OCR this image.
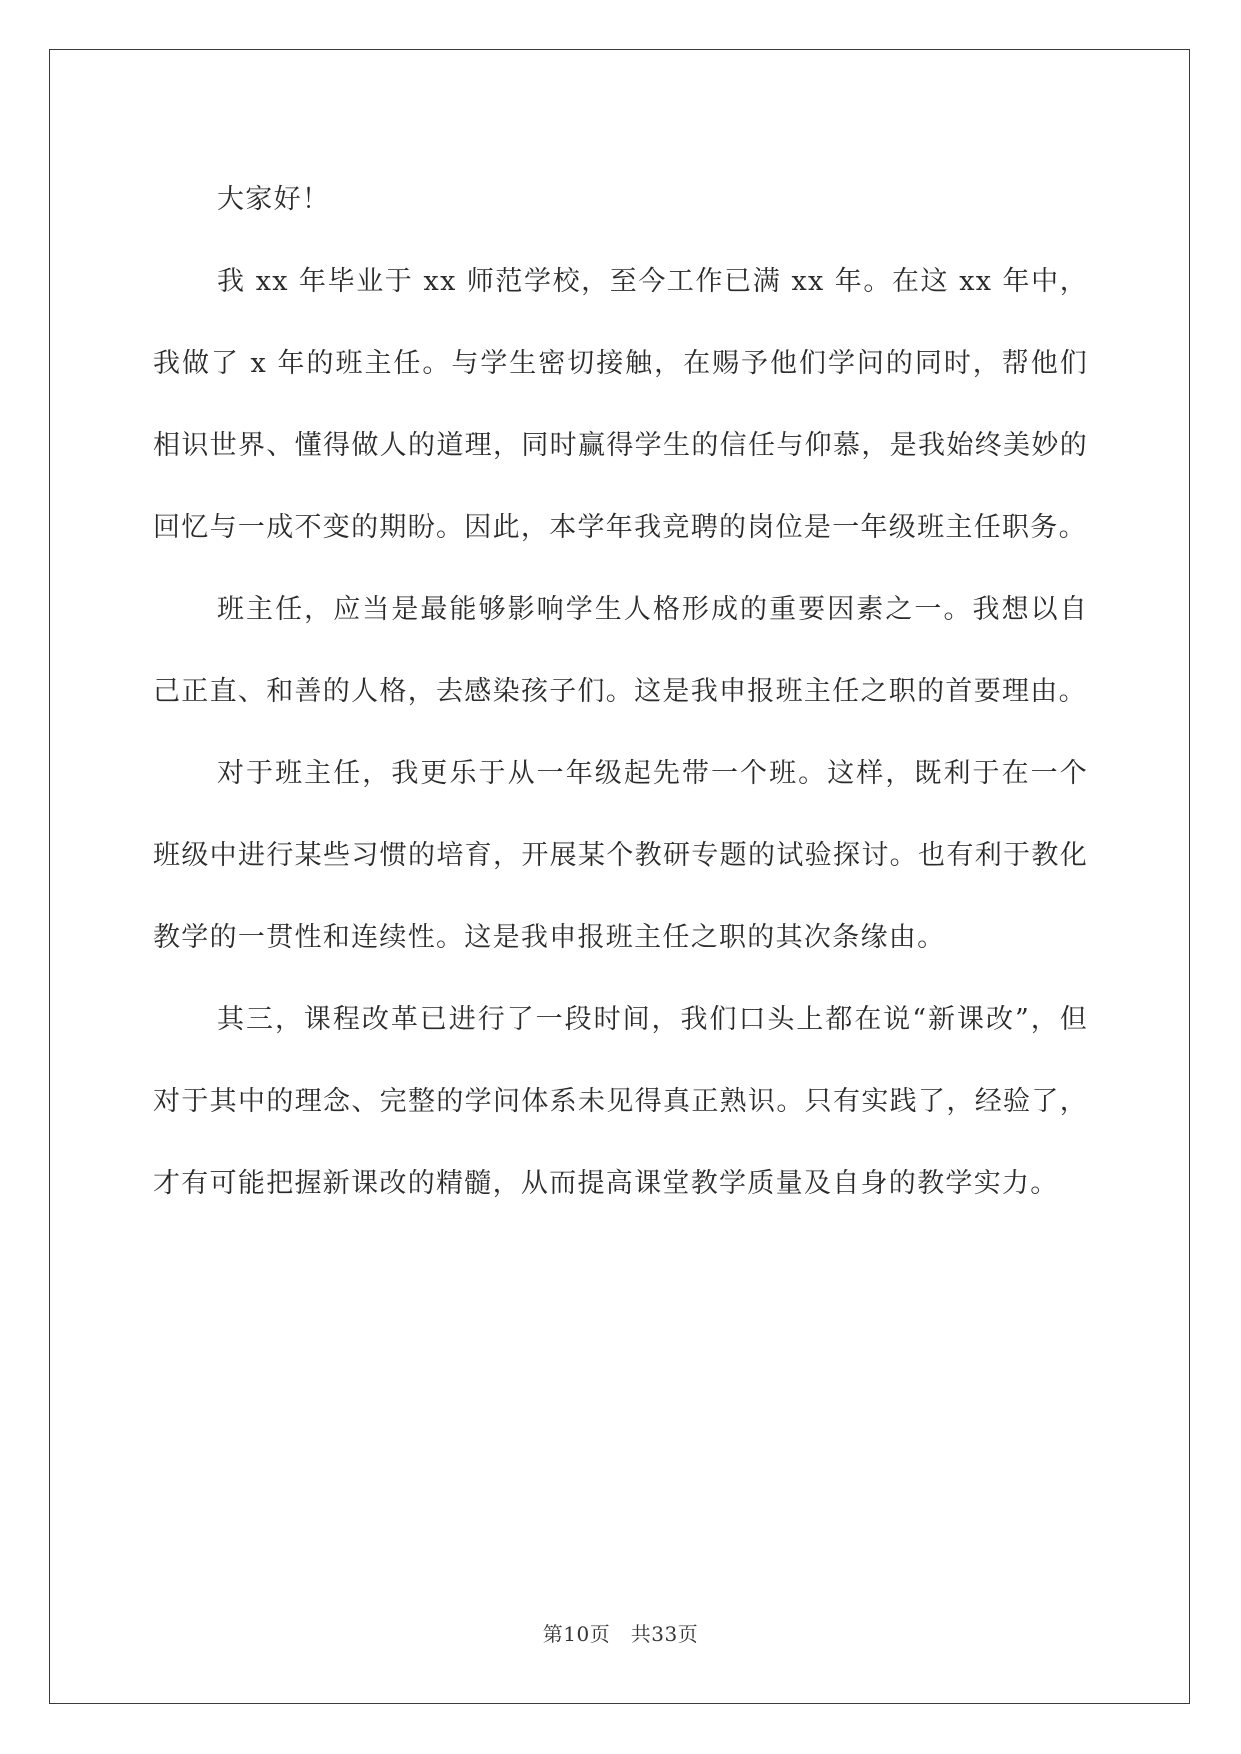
大家好！

我 xx 年毕业于 xx 师范学校，至今工作已满 xx 年。在这 xx 年中，我做了 x 年的班主任。与学生密切接触，在赐予他们学问的同时，帮他们相识世界、懂得做人的道理，同时赢得学生的信任与仰慕，是我始终美妙的回忆与一成不变的期盼。因此，本学年我竞聘的岗位是一年级班主任职务。

班主任，应当是最能够影响学生人格形成的重要因素之一。我想以自己正直、和善的人格，去感染孩子们。这是我申报班主任之职的首要理由。

对于班主任，我更乐于从一年级起先带一个班。这样，既利于在一个班级中进行某些习惯的培育，开展某个教研专题的试验探讨。也有利于教化教学的一贯性和连续性。这是我申报班主任之职的其次条缘由。

其三，课程改革已进行了一段时间，我们口头上都在说“新课改”，但对于其中的理念、完整的学问体系未见得真正熟识。只有实践了，经验了，才有可能把握新课改的精髓，从而提高课堂教学质量及自身的教学实力。

第10页 共33页
